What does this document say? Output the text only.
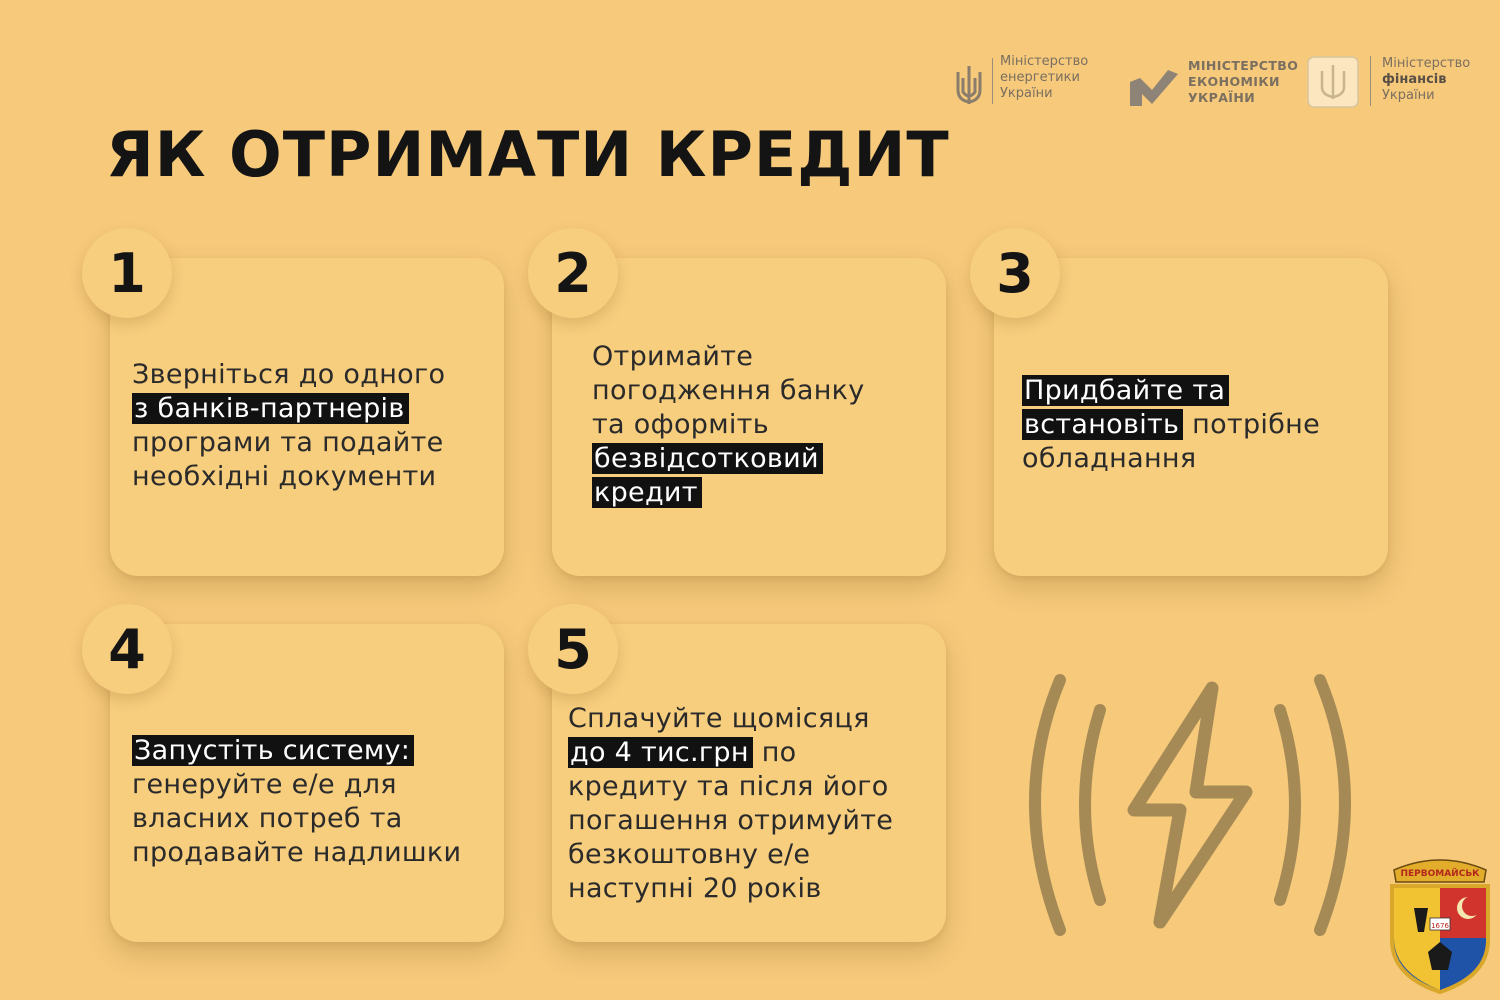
Міністерство
енергетики
України
МІНІСТЕРСТВО
ЕКОНОМІКИ
УКРАЇНИ
Міністерство
фінансів
України
ЯК ОТРИМАТИ КРЕДИТ
Зверніться до одного
з банків-партнерів
програми та подайте
необхідні документи
1
Отримайте
погодження банку
та оформіть
безвідсотковий
кредит
2
Придбайте та
встановіть потрібне
обладнання
3
Запустіть систему:
генеруйте е/е для
власних потреб та
продавайте надлишки
4
Сплачуйте щомісяця
до 4 тис.грн по
кредиту та після його
погашення отримуйте
безкоштовну е/е
наступні 20 років
5
ПЕРВОМАЙСЬК
1676
